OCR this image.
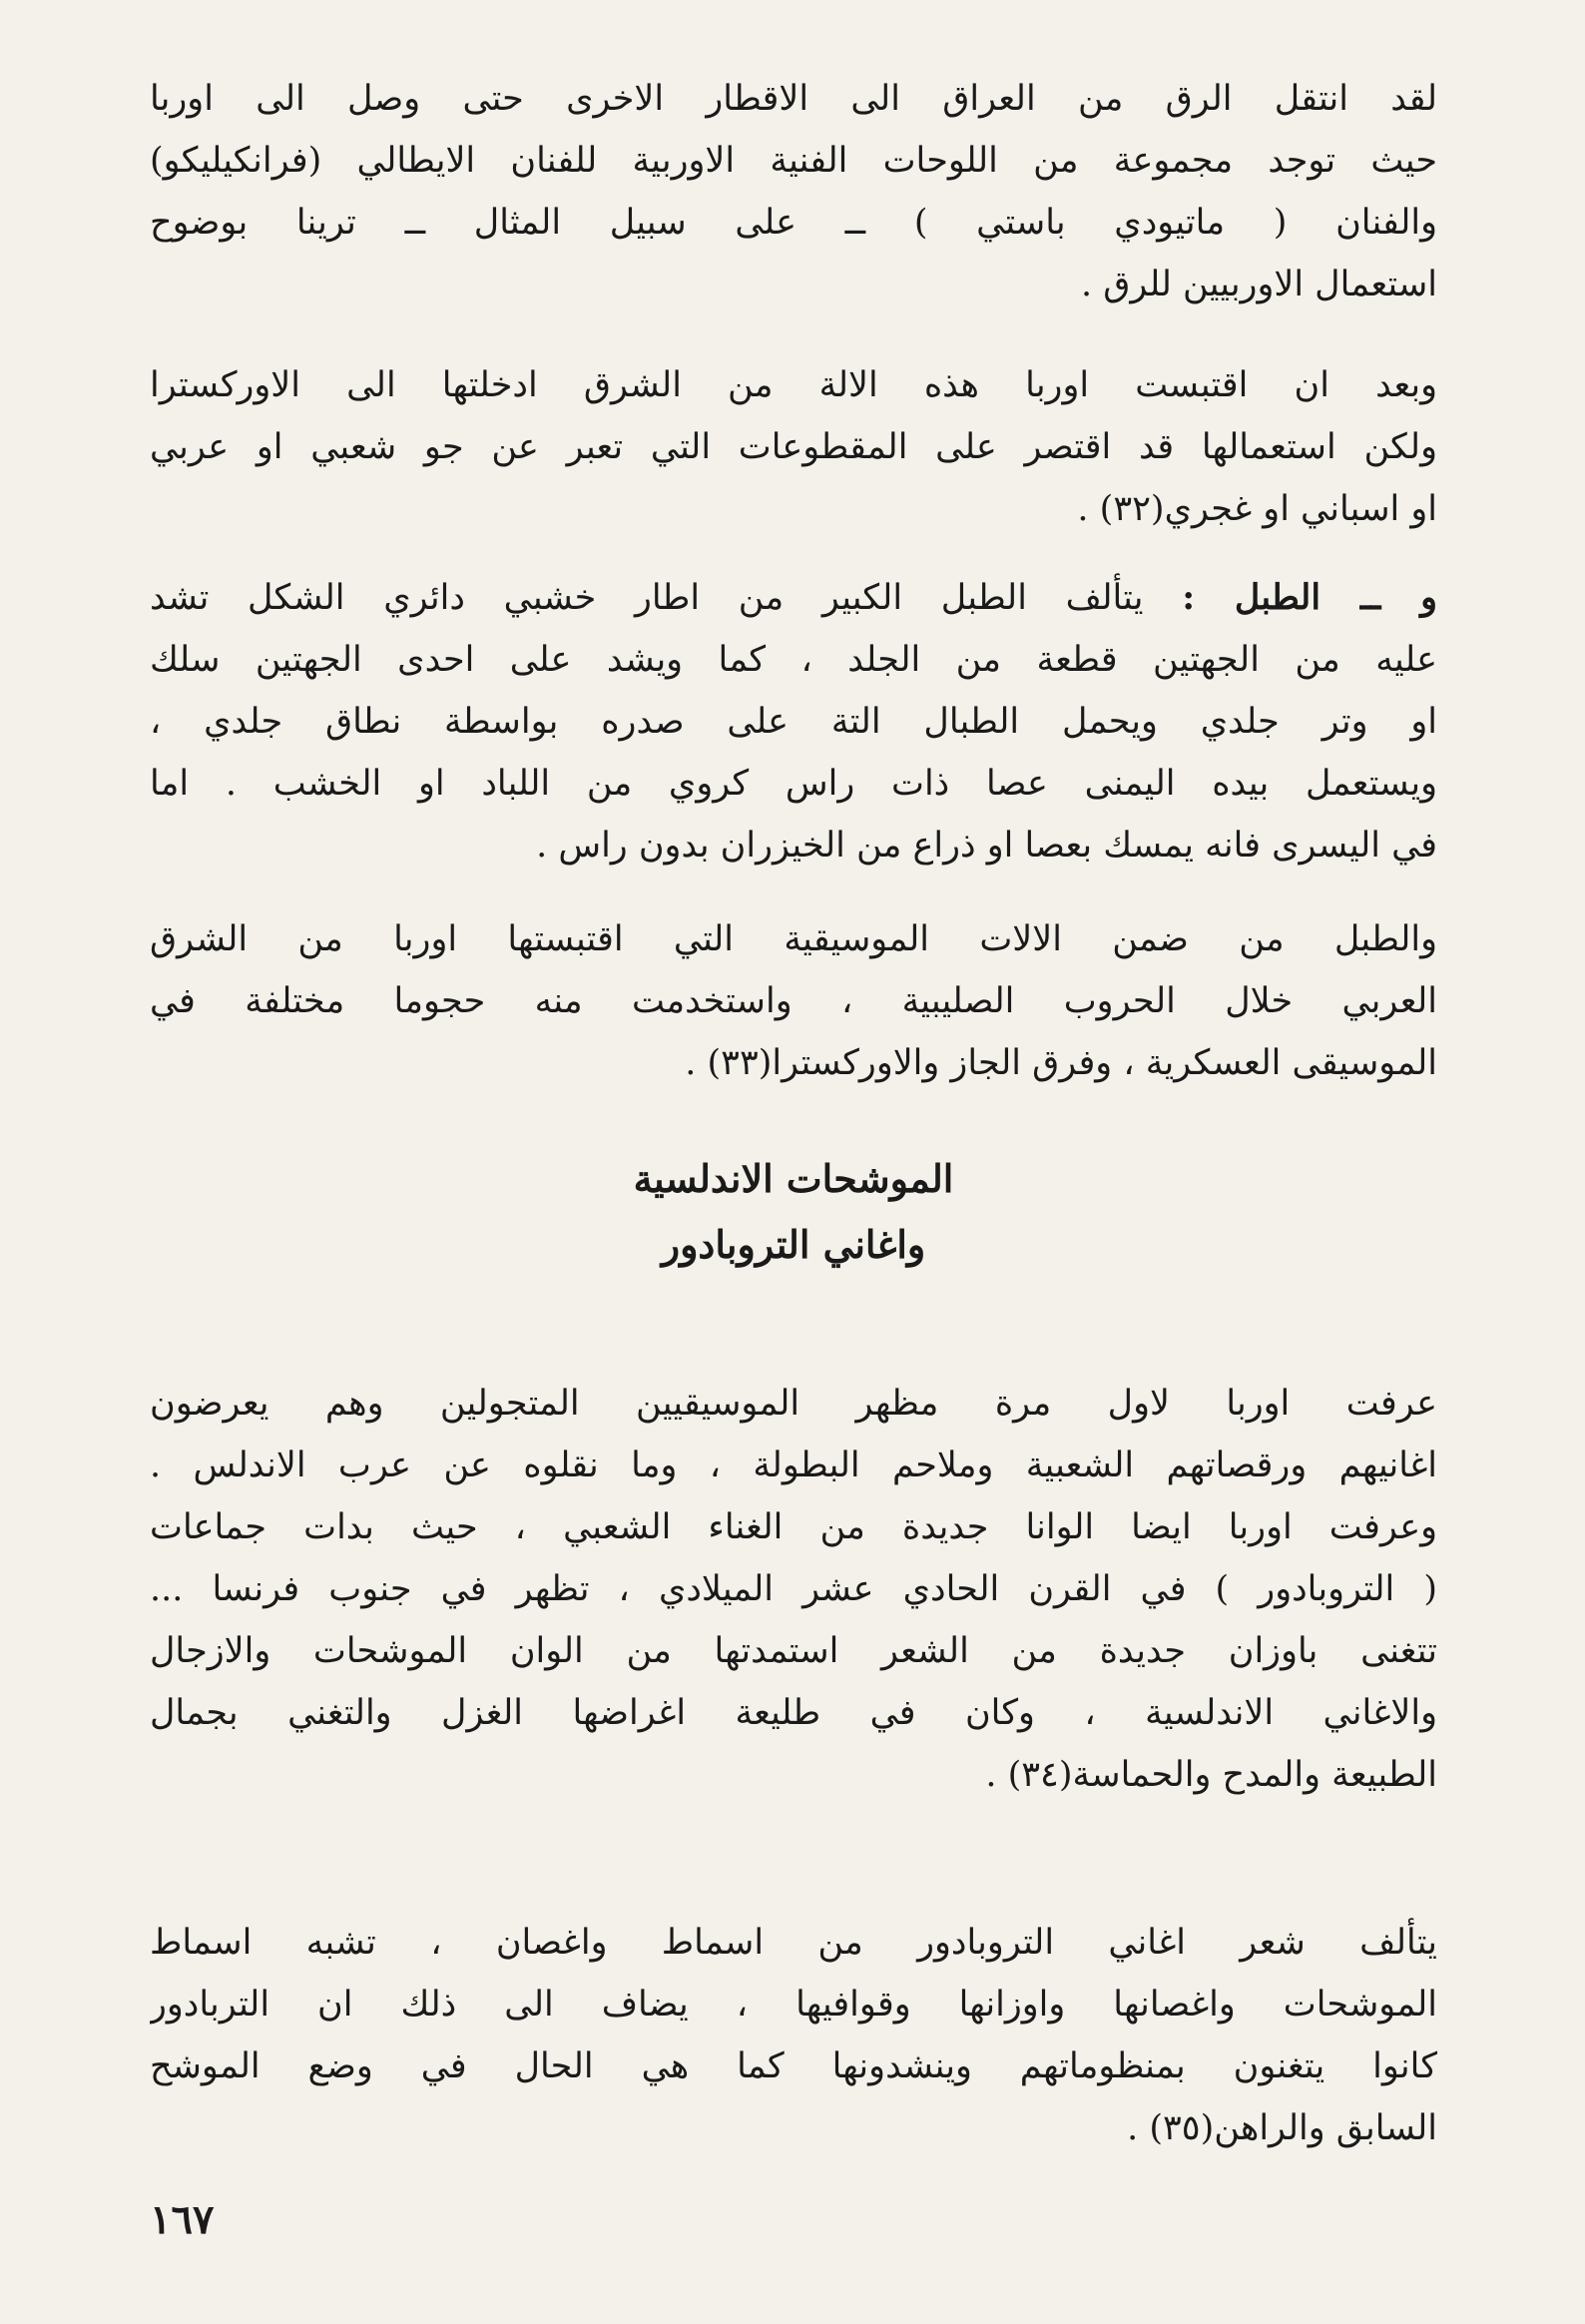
لقد انتقل الرق من العراق الى الاقطار الاخرى حتى وصل الى اوربا
حيث توجد مجموعة من اللوحات الفنية الاوربية للفنان الايطالي (فرانكيليكو)
والفنان ( ماتيودي باستي ) ــ على سبيل المثال ــ ترينا بوضوح
استعمال الاوربيين للرق .
وبعد ان اقتبست اوربا هذه الالة من الشرق ادخلتها الى الاوركسترا
ولكن استعمالها قد اقتصر على المقطوعات التي تعبر عن جو شعبي او عربي
او اسباني او غجري(٣٢) .
و ــ الطبل : يتألف الطبل الكبير من اطار خشبي دائري الشكل تشد
عليه من الجهتين قطعة من الجلد ، كما ويشد على احدى الجهتين سلك
او وتر جلدي ويحمل الطبال التة على صدره بواسطة نطاق جلدي ،
ويستعمل بيده اليمنى عصا ذات راس كروي من اللباد او الخشب . اما
في اليسرى فانه يمسك بعصا او ذراع من الخيزران بدون راس .
والطبل من ضمن الالات الموسيقية التي اقتبستها اوربا من الشرق
العربي خلال الحروب الصليبية ، واستخدمت منه حجوما مختلفة في
الموسيقى العسكرية ، وفرق الجاز والاوركسترا(٣٣) .
الموشحات الاندلسية
واغاني التروبادور
عرفت اوربا لاول مرة مظهر الموسيقيين المتجولين وهم يعرضون
اغانيهم ورقصاتهم الشعبية وملاحم البطولة ، وما نقلوه عن عرب الاندلس .
وعرفت اوربا ايضا الوانا جديدة من الغناء الشعبي ، حيث بدات جماعات
( التروبادور ) في القرن الحادي عشر الميلادي ، تظهر في جنوب فرنسا ...
تتغنى باوزان جديدة من الشعر استمدتها من الوان الموشحات والازجال
والاغاني الاندلسية ، وكان في طليعة اغراضها الغزل والتغني بجمال
الطبيعة والمدح والحماسة(٣٤) .
يتألف شعر اغاني التروبادور من اسماط واغصان ، تشبه اسماط
الموشحات واغصانها واوزانها وقوافيها ، يضاف الى ذلك ان التربادور
كانوا يتغنون بمنظوماتهم وينشدونها كما هي الحال في وضع الموشح
السابق والراهن(٣٥) .
١٦٧
